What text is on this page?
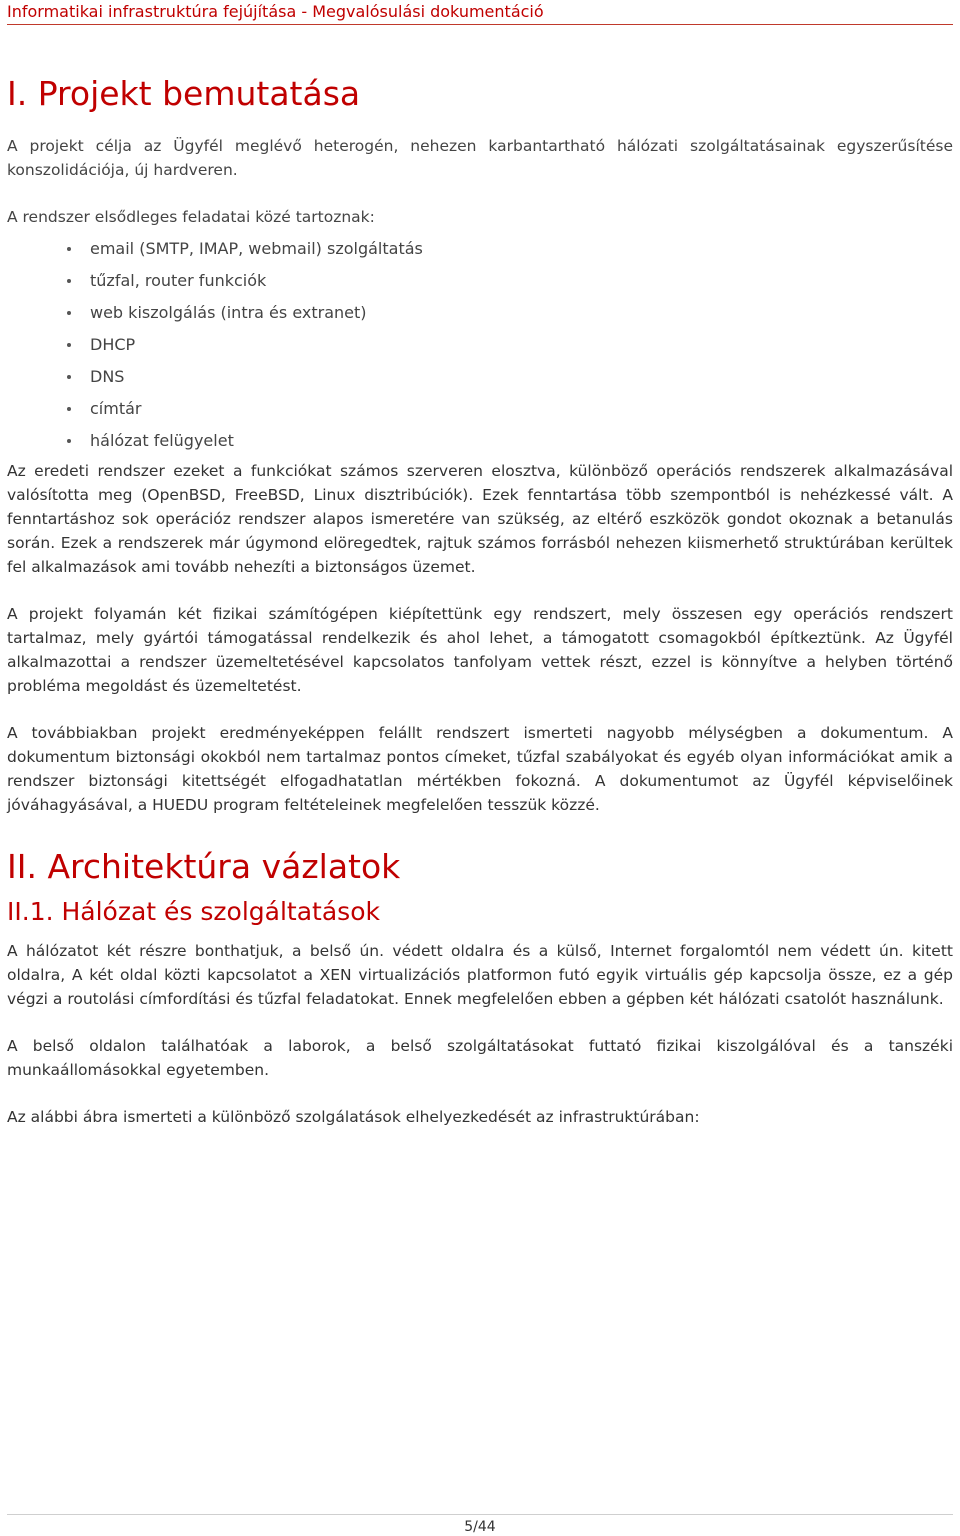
Informatikai infrastruktúra fejújítása - Megvalósulási dokumentáció
I. Projekt bemutatása

A projekt célja az Ügyfél meglévő heterogén, nehezen karbantartható hálózati szolgáltatásainak egyszerűsítése konszolidációja, új hardveren.

A rendszer elsődleges feladatai közé tartoznak:

email (SMTP, IMAP, webmail) szolgáltatás
tűzfal, router funkciók
web kiszolgálás (intra és extranet)
DHCP
DNS
címtár
hálózat felügyelet

Az eredeti rendszer ezeket a funkciókat számos szerveren elosztva, különböző operációs rendszerek alkalmazásával valósította meg (OpenBSD, FreeBSD, Linux disztribúciók). Ezek fenntartása több szempontból is nehézkessé vált. A fenntartáshoz sok operációz rendszer alapos ismeretére van szükség, az eltérő eszközök gondot okoznak a betanulás során. Ezek a rendszerek már úgymond elöregedtek, rajtuk számos forrásból nehezen kiismerhető struktúrában kerültek fel alkalmazások ami tovább nehezíti a biztonságos üzemet.

A projekt folyamán két fizikai számítógépen kiépítettünk egy rendszert, mely összesen egy operációs rendszert tartalmaz, mely gyártói támogatással rendelkezik és ahol lehet, a támogatott csomagokból építkeztünk. Az Ügyfél alkalmazottai a rendszer üzemeltetésével kapcsolatos tanfolyam vettek részt, ezzel is könnyítve a helyben történő probléma megoldást és üzemeltetést.

A továbbiakban projekt eredményeképpen felállt rendszert ismerteti nagyobb mélységben a dokumentum. A dokumentum biztonsági okokból nem tartalmaz pontos címeket, tűzfal szabályokat és egyéb olyan információkat amik a rendszer biztonsági kitettségét elfogadhatatlan mértékben fokozná. A dokumentumot az Ügyfél képviselőinek jóváhagyásával, a HUEDU program feltételeinek megfelelően tesszük közzé.

II. Architektúra vázlatok
II.1. Hálózat és szolgáltatások

A hálózatot két részre bonthatjuk, a belső ún. védett oldalra és a külső, Internet forgalomtól nem védett ún. kitett oldalra, A két oldal közti kapcsolatot a XEN virtualizációs platformon futó egyik virtuális gép kapcsolja össze, ez a gép végzi a routolási címfordítási és tűzfal feladatokat. Ennek megfelelően ebben a gépben két hálózati csatolót használunk.

A belső oldalon találhatóak a laborok, a belső szolgáltatásokat futtató fizikai kiszolgálóval és a tanszéki munkaállomásokkal egyetemben.

Az alábbi ábra ismerteti a különböző szolgálatások elhelyezkedését az infrastruktúrában:

5/44
